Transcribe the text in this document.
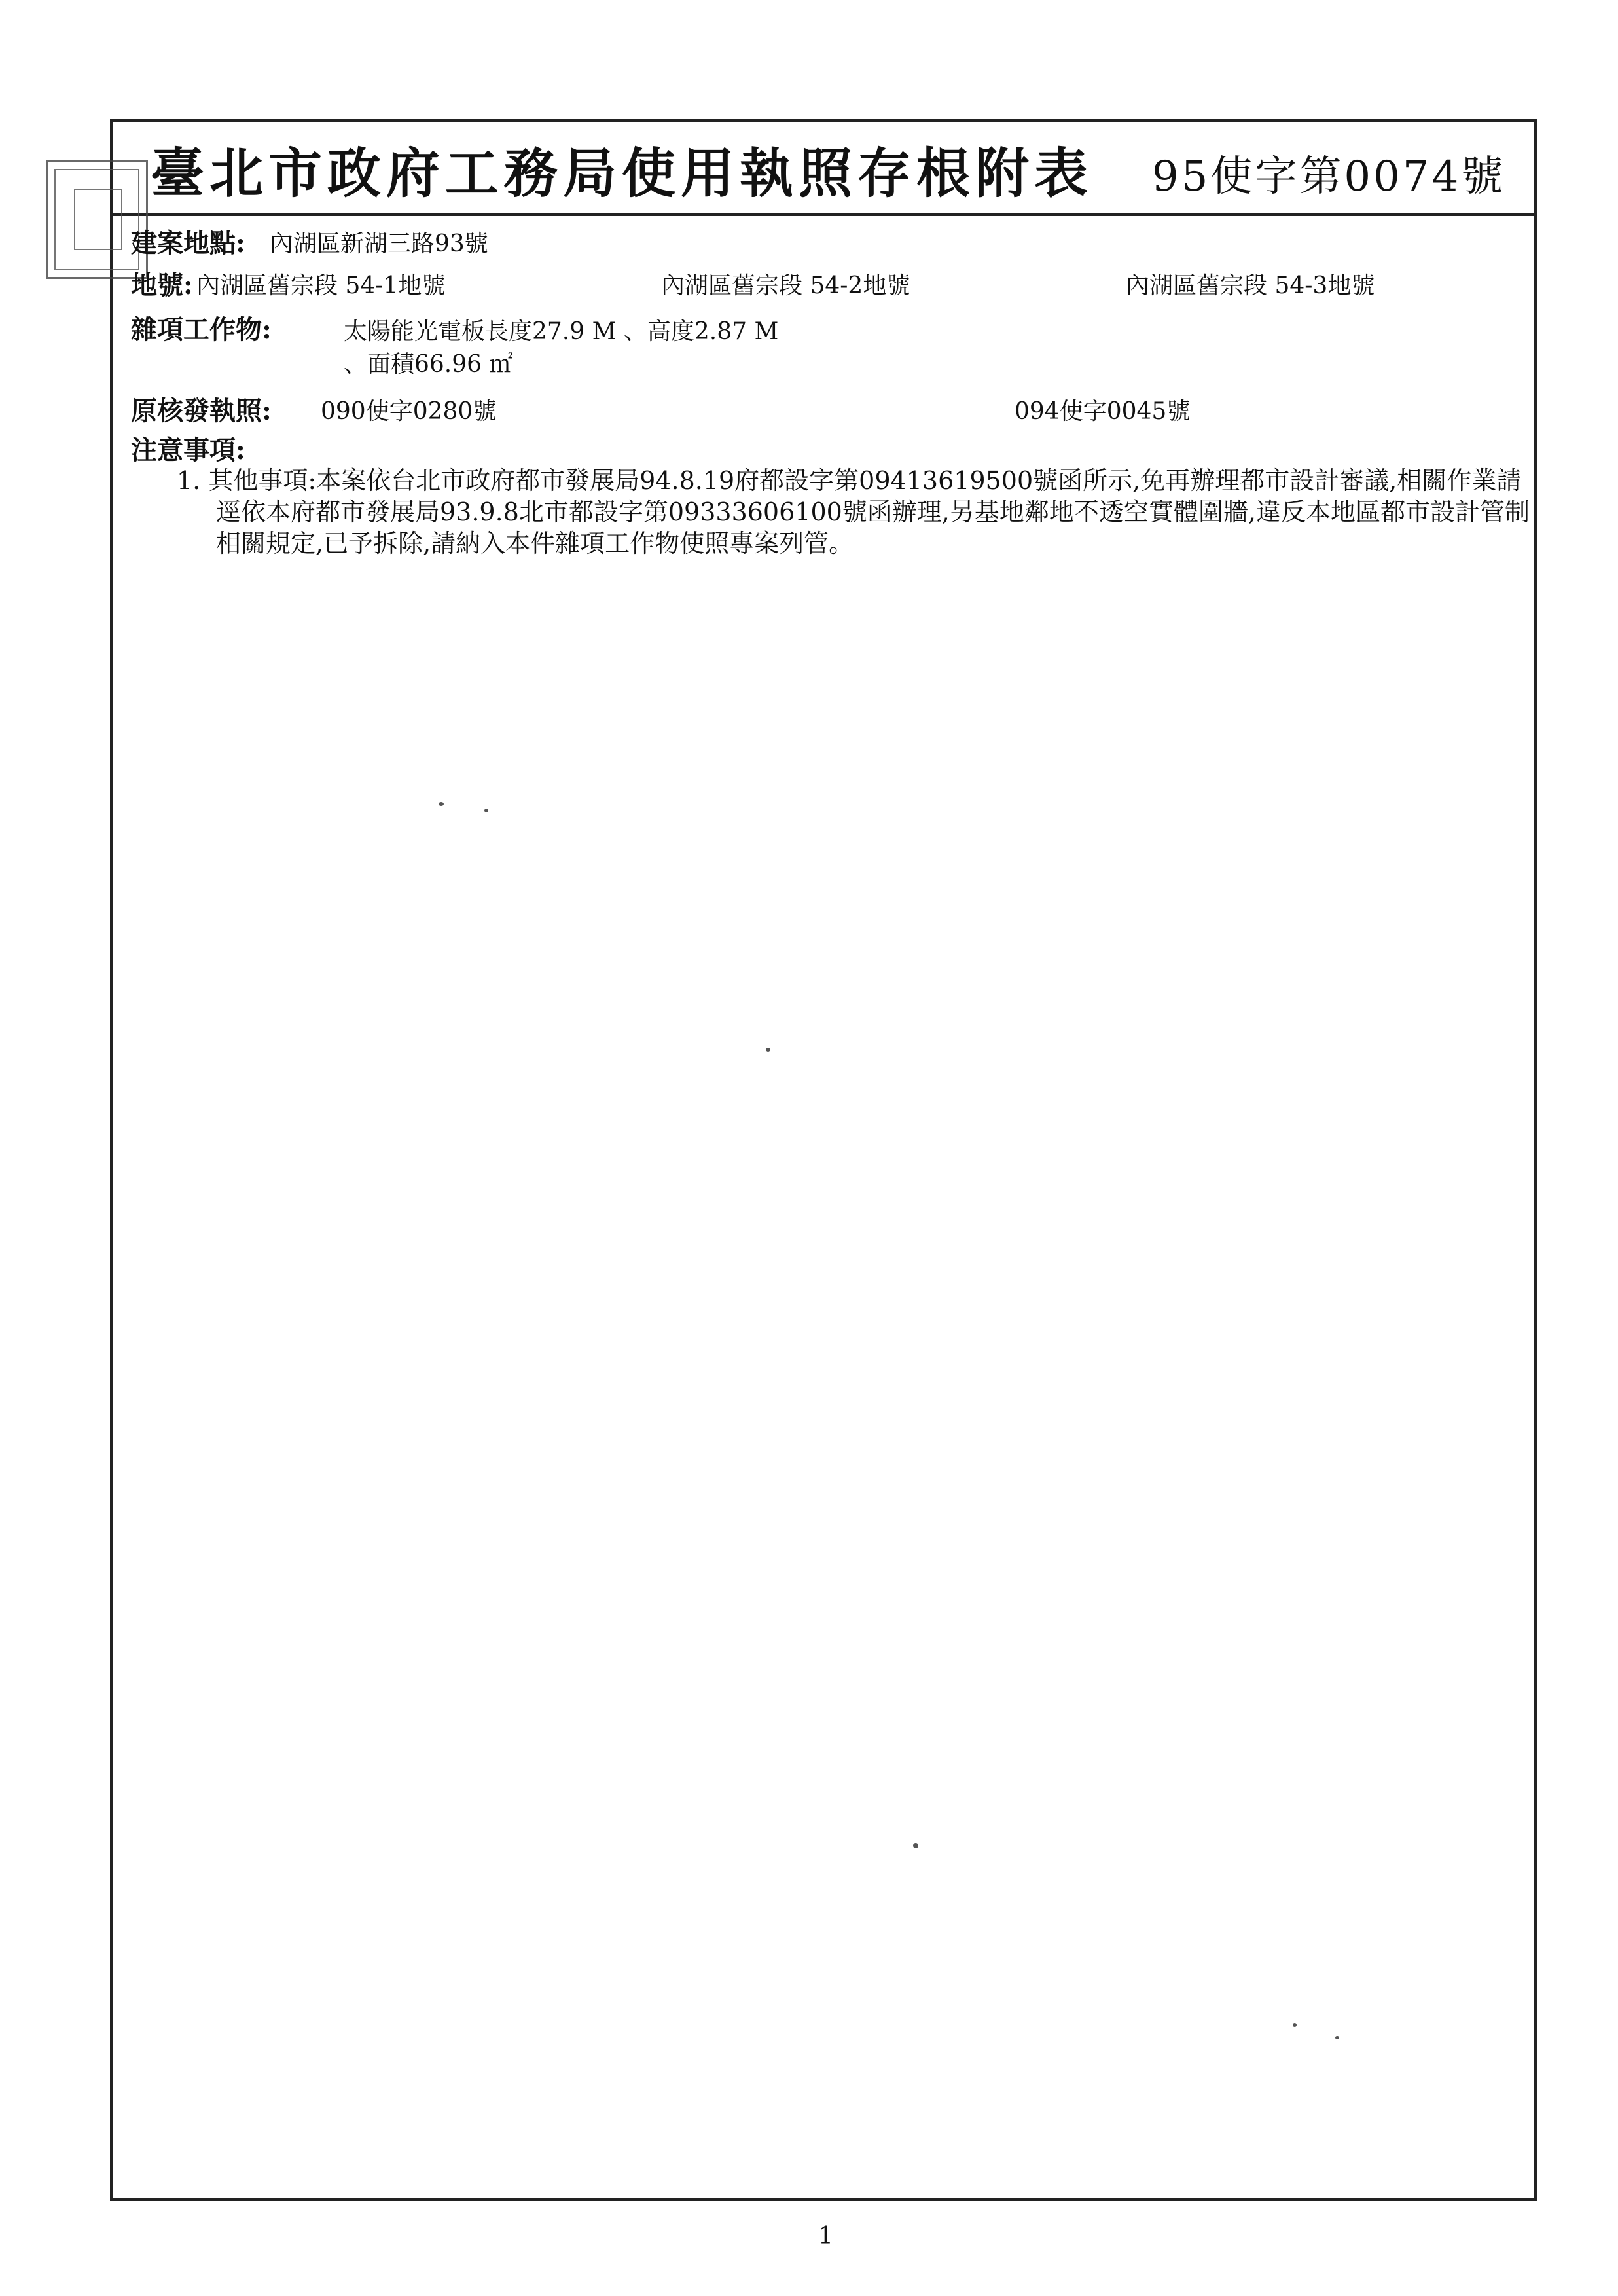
臺北市政府工務局使用執照存根附表 95使字第0074號
建案地點: 內湖區新湖三路93號
地號: 內湖區舊宗段 54-1地號	內湖區舊宗段 54-2地號	內湖區舊宗段 54-3地號
雜項工作物:	太陽能光電板長度27.9 M 、高度2.87 M
、面積66.96 ㎡
原核發執照: 090使字0280號	094使字0045號
注意事項:
1. 其他事項:本案依台北市政府都市發展局94.8.19府都設字第09413619500號函所示,免再辦理都市設計審議,相關作業請
逕依本府都市發展局93.9.8北市都設字第09333606100號函辦理,另基地鄰地不透空實體圍牆,違反本地區都市設計管制
相關規定,已予拆除,請納入本件雜項工作物使照專案列管。
1
